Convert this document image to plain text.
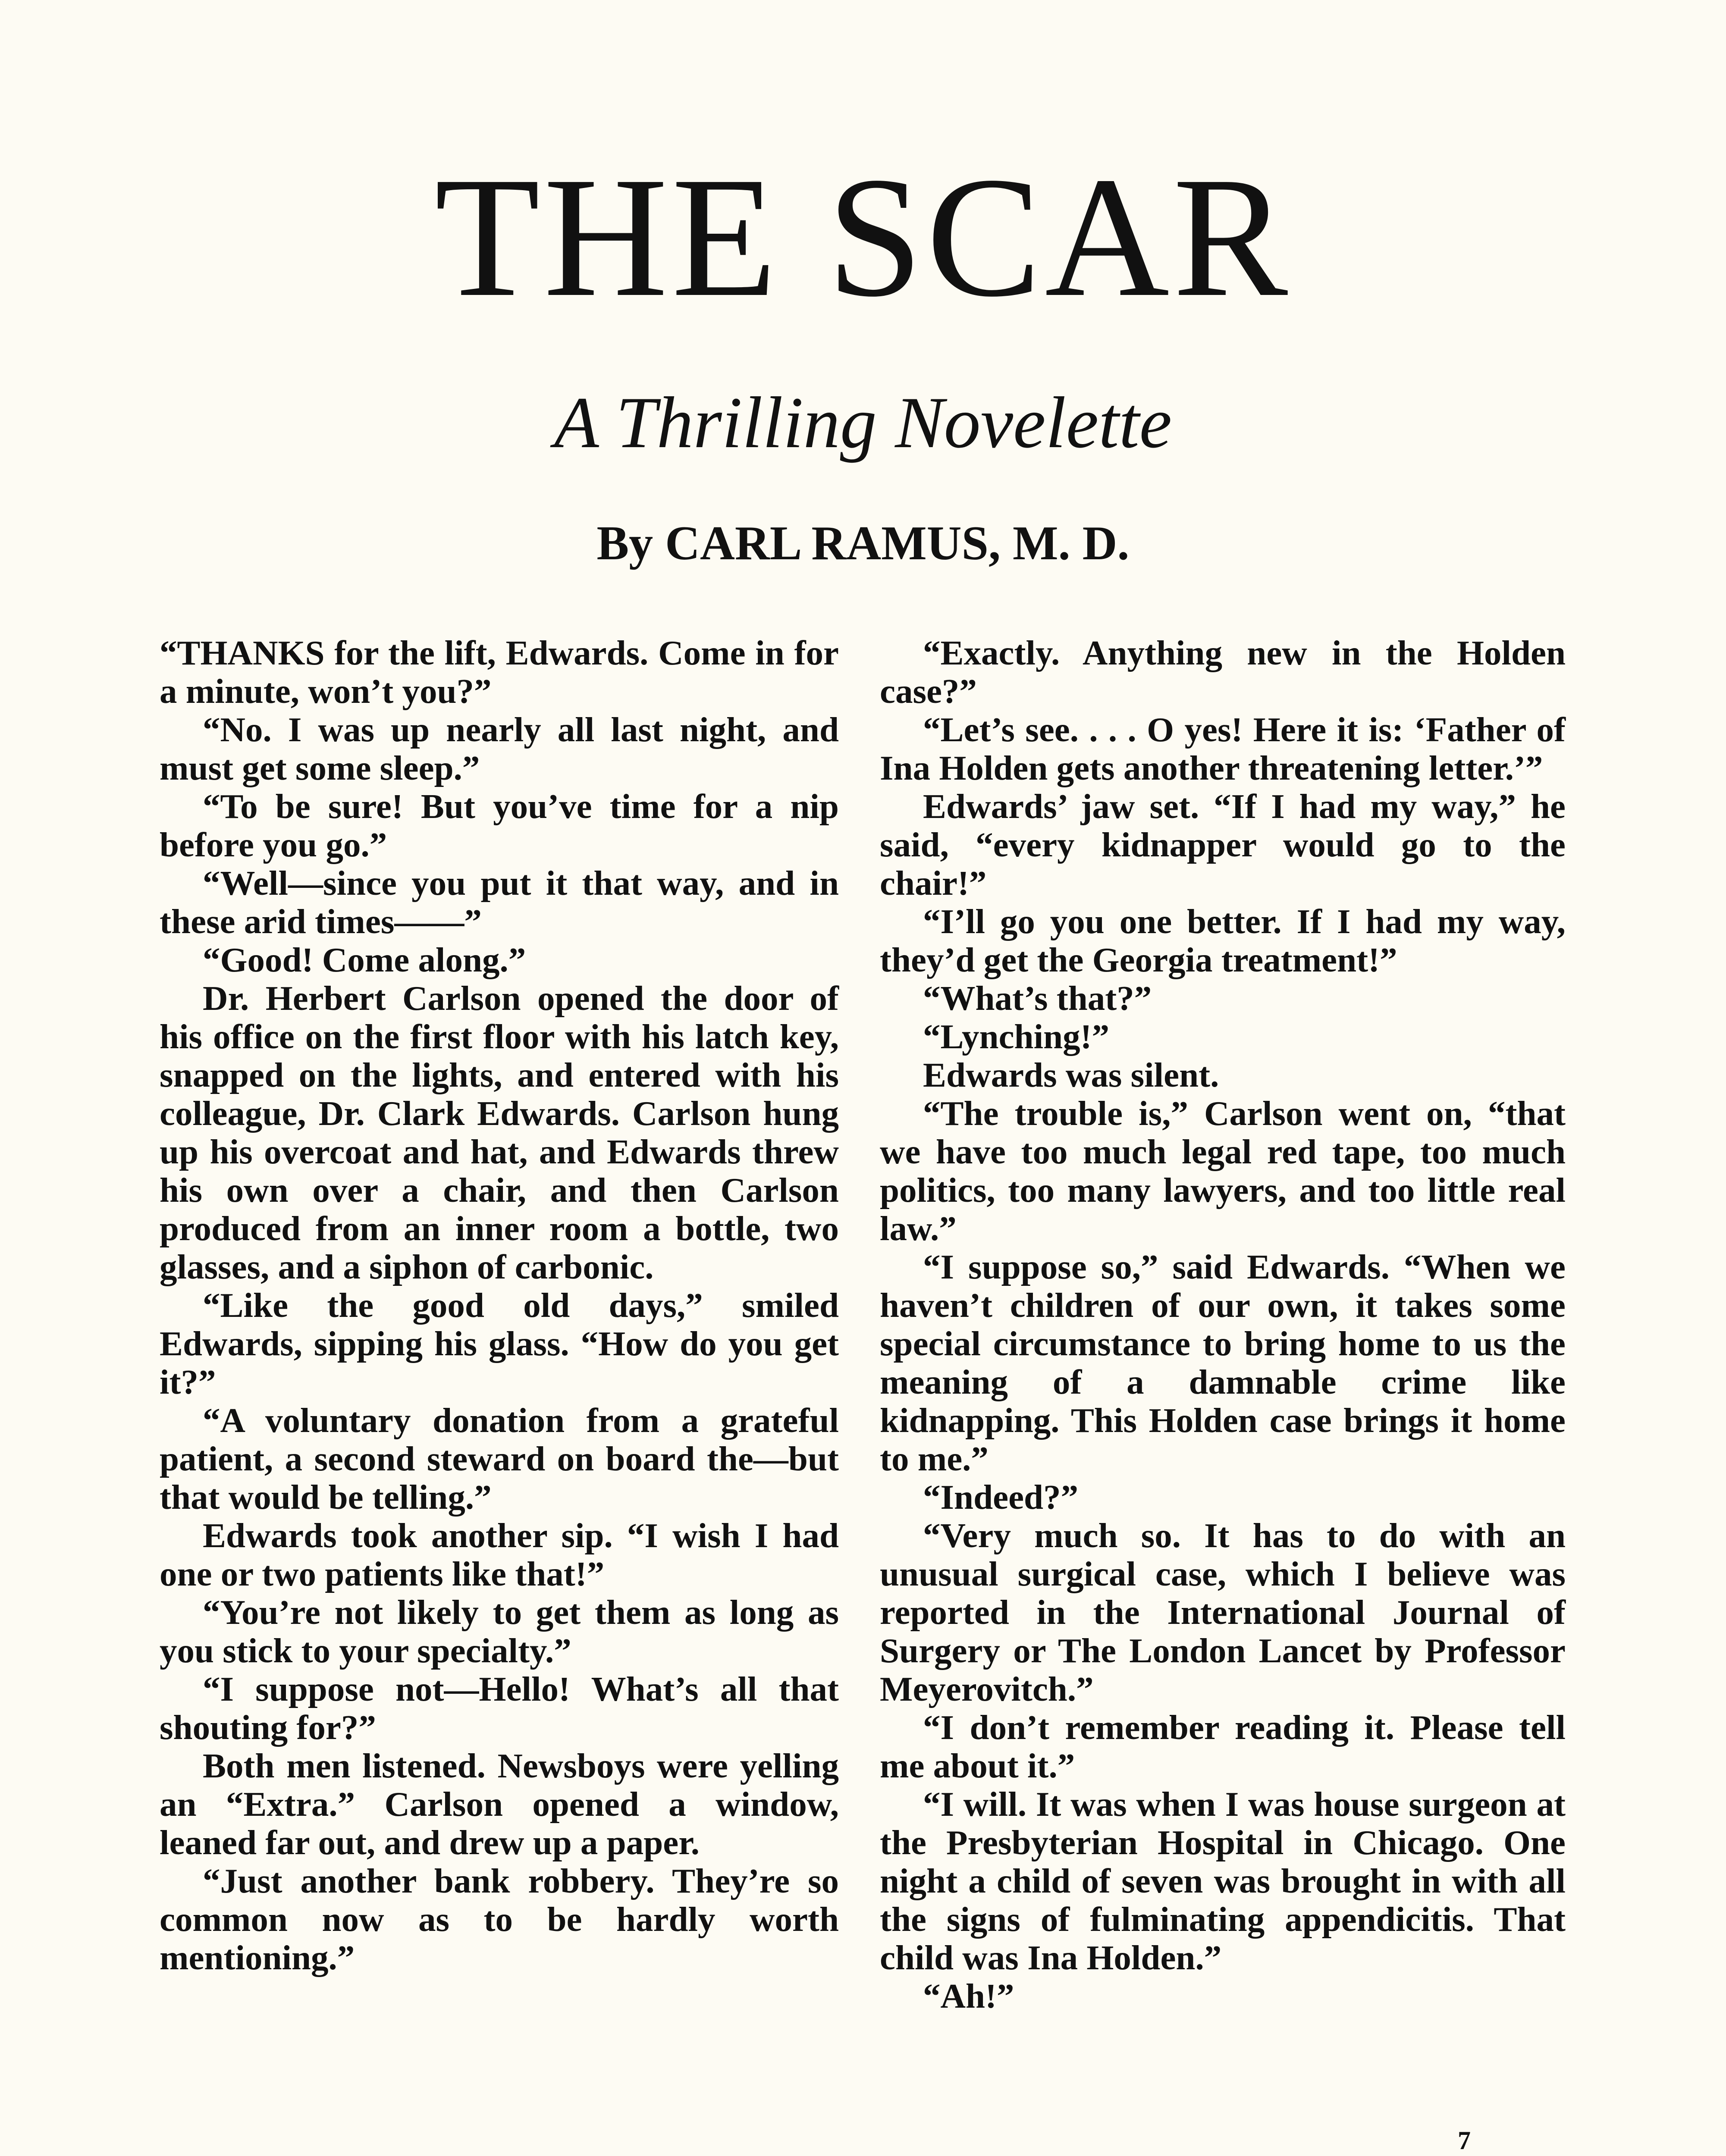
THE SCAR
A Thrilling Novelette
By CARL RAMUS, M. D.

“THANKS for the lift, Edwards. Come in for a minute, won’t you?”

“No. I was up nearly all last night, and must get some sleep.”

“To be sure! But you’ve time for a nip before you go.”

“Well—since you put it that way, and in these arid times——”

“Good! Come along.”

Dr. Herbert Carlson opened the door of his office on the first floor with his latch key, snapped on the lights, and entered with his colleague, Dr. Clark Edwards. Carlson hung up his overcoat and hat, and Edwards threw his own over a chair, and then Carlson produced from an inner room a bottle, two glasses, and a siphon of carbonic.

“Like the good old days,” smiled Edwards, sipping his glass. “How do you get it?”

“A voluntary donation from a grateful patient, a second steward on board the—but that would be telling.”

Edwards took another sip. “I wish I had one or two patients like that!”

“You’re not likely to get them as long as you stick to your specialty.”

“I suppose not—Hello! What’s all that shouting for?”

Both men listened. Newsboys were yelling an “Extra.” Carlson opened a window, leaned far out, and drew up a paper.

“Just another bank robbery. They’re so common now as to be hardly worth mentioning.”

“Exactly. Anything new in the Holden case?”

“Let’s see. . . . O yes! Here it is: ‘Father of Ina Holden gets another threatening letter.’”

Edwards’ jaw set. “If I had my way,” he said, “every kidnapper would go to the chair!”

“I’ll go you one better. If I had my way, they’d get the Georgia treatment!”

“What’s that?”

“Lynching!”

Edwards was silent.

“The trouble is,” Carlson went on, “that we have too much legal red tape, too much politics, too many lawyers, and too little real law.”

“I suppose so,” said Edwards. “When we haven’t children of our own, it takes some special circumstance to bring home to us the meaning of a damnable crime like kidnapping. This Holden case brings it home to me.”

“Indeed?”

“Very much so. It has to do with an unusual surgical case, which I believe was reported in the International Journal of Surgery or The London Lancet by Professor Meyerovitch.”

“I don’t remember reading it. Please tell me about it.”

“I will. It was when I was house surgeon at the Presbyterian Hospital in Chicago. One night a child of seven was brought in with all the signs of fulminating appendicitis. That child was Ina Holden.”

“Ah!”

7
